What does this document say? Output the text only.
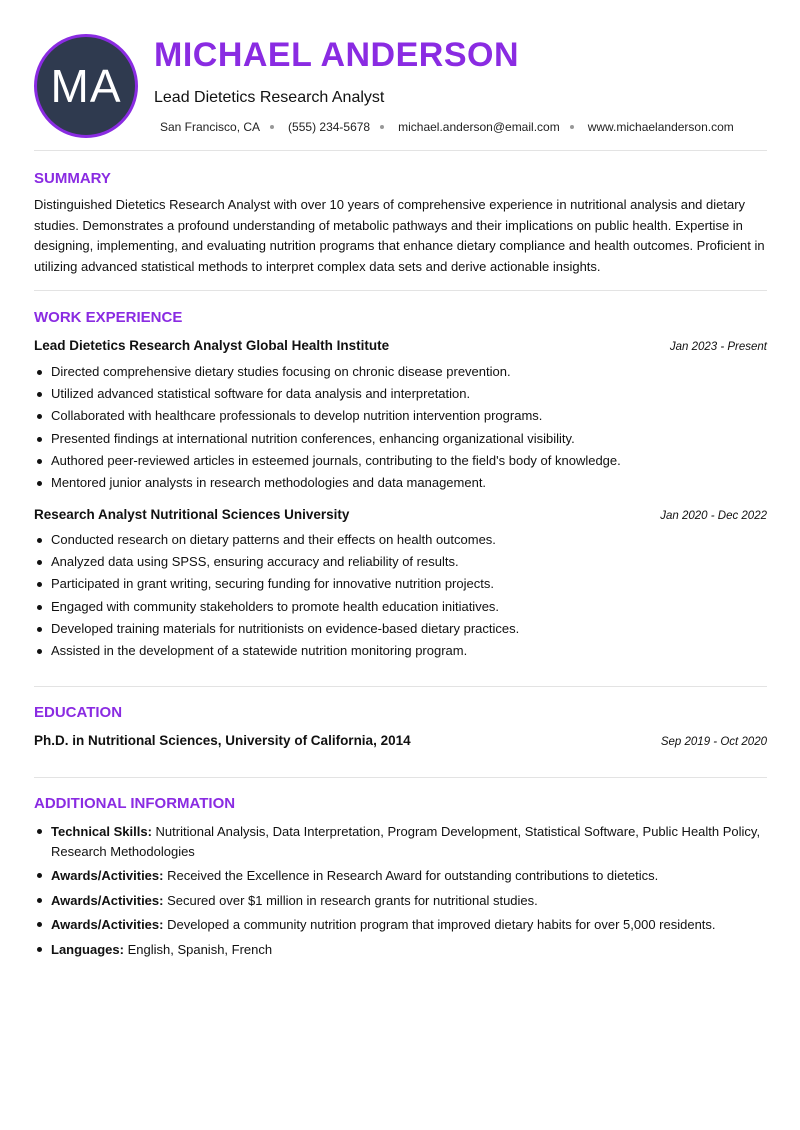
MA
MICHAEL ANDERSON
Lead Dietetics Research Analyst
San Francisco, CA (555) 234-5678 michael.anderson@email.com www.michaelanderson.com
SUMMARY
Distinguished Dietetics Research Analyst with over 10 years of comprehensive experience in nutritional analysis and dietary studies. Demonstrates a profound understanding of metabolic pathways and their implications on public health. Expertise in designing, implementing, and evaluating nutrition programs that enhance dietary compliance and health outcomes. Proficient in utilizing advanced statistical methods to interpret complex data sets and derive actionable insights.
WORK EXPERIENCE
Lead Dietetics Research Analyst Global Health Institute	Jan 2023 - Present
Directed comprehensive dietary studies focusing on chronic disease prevention.
Utilized advanced statistical software for data analysis and interpretation.
Collaborated with healthcare professionals to develop nutrition intervention programs.
Presented findings at international nutrition conferences, enhancing organizational visibility.
Authored peer-reviewed articles in esteemed journals, contributing to the field's body of knowledge.
Mentored junior analysts in research methodologies and data management.
Research Analyst Nutritional Sciences University	Jan 2020 - Dec 2022
Conducted research on dietary patterns and their effects on health outcomes.
Analyzed data using SPSS, ensuring accuracy and reliability of results.
Participated in grant writing, securing funding for innovative nutrition projects.
Engaged with community stakeholders to promote health education initiatives.
Developed training materials for nutritionists on evidence-based dietary practices.
Assisted in the development of a statewide nutrition monitoring program.
EDUCATION
Ph.D. in Nutritional Sciences, University of California, 2014	Sep 2019 - Oct 2020
ADDITIONAL INFORMATION
Technical Skills: Nutritional Analysis, Data Interpretation, Program Development, Statistical Software, Public Health Policy, Research Methodologies
Awards/Activities: Received the Excellence in Research Award for outstanding contributions to dietetics.
Awards/Activities: Secured over $1 million in research grants for nutritional studies.
Awards/Activities: Developed a community nutrition program that improved dietary habits for over 5,000 residents.
Languages: English, Spanish, French
